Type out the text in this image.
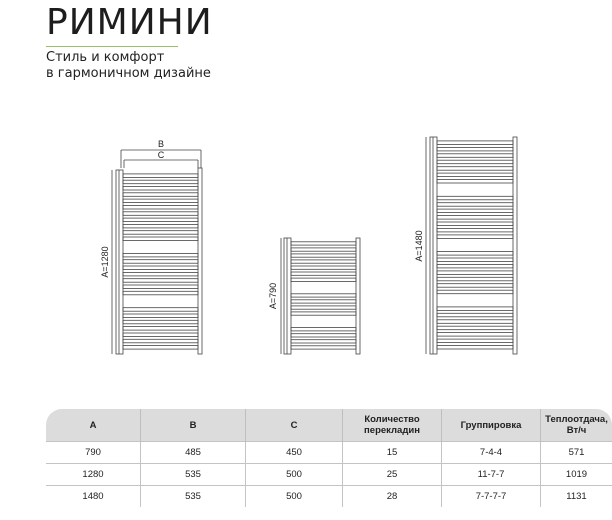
РИМИНИ
Стиль и комфорт
в гармоничном дизайне
B
C
A=1280
A=790
A=1480
A	B	C	Количество перекладин	Группировка	Теплоотдача, Вт/ч
790	485	450	15	7-4-4	571
1280	535	500	25	11-7-7	1019
1480	535	500	28	7-7-7-7	1131
